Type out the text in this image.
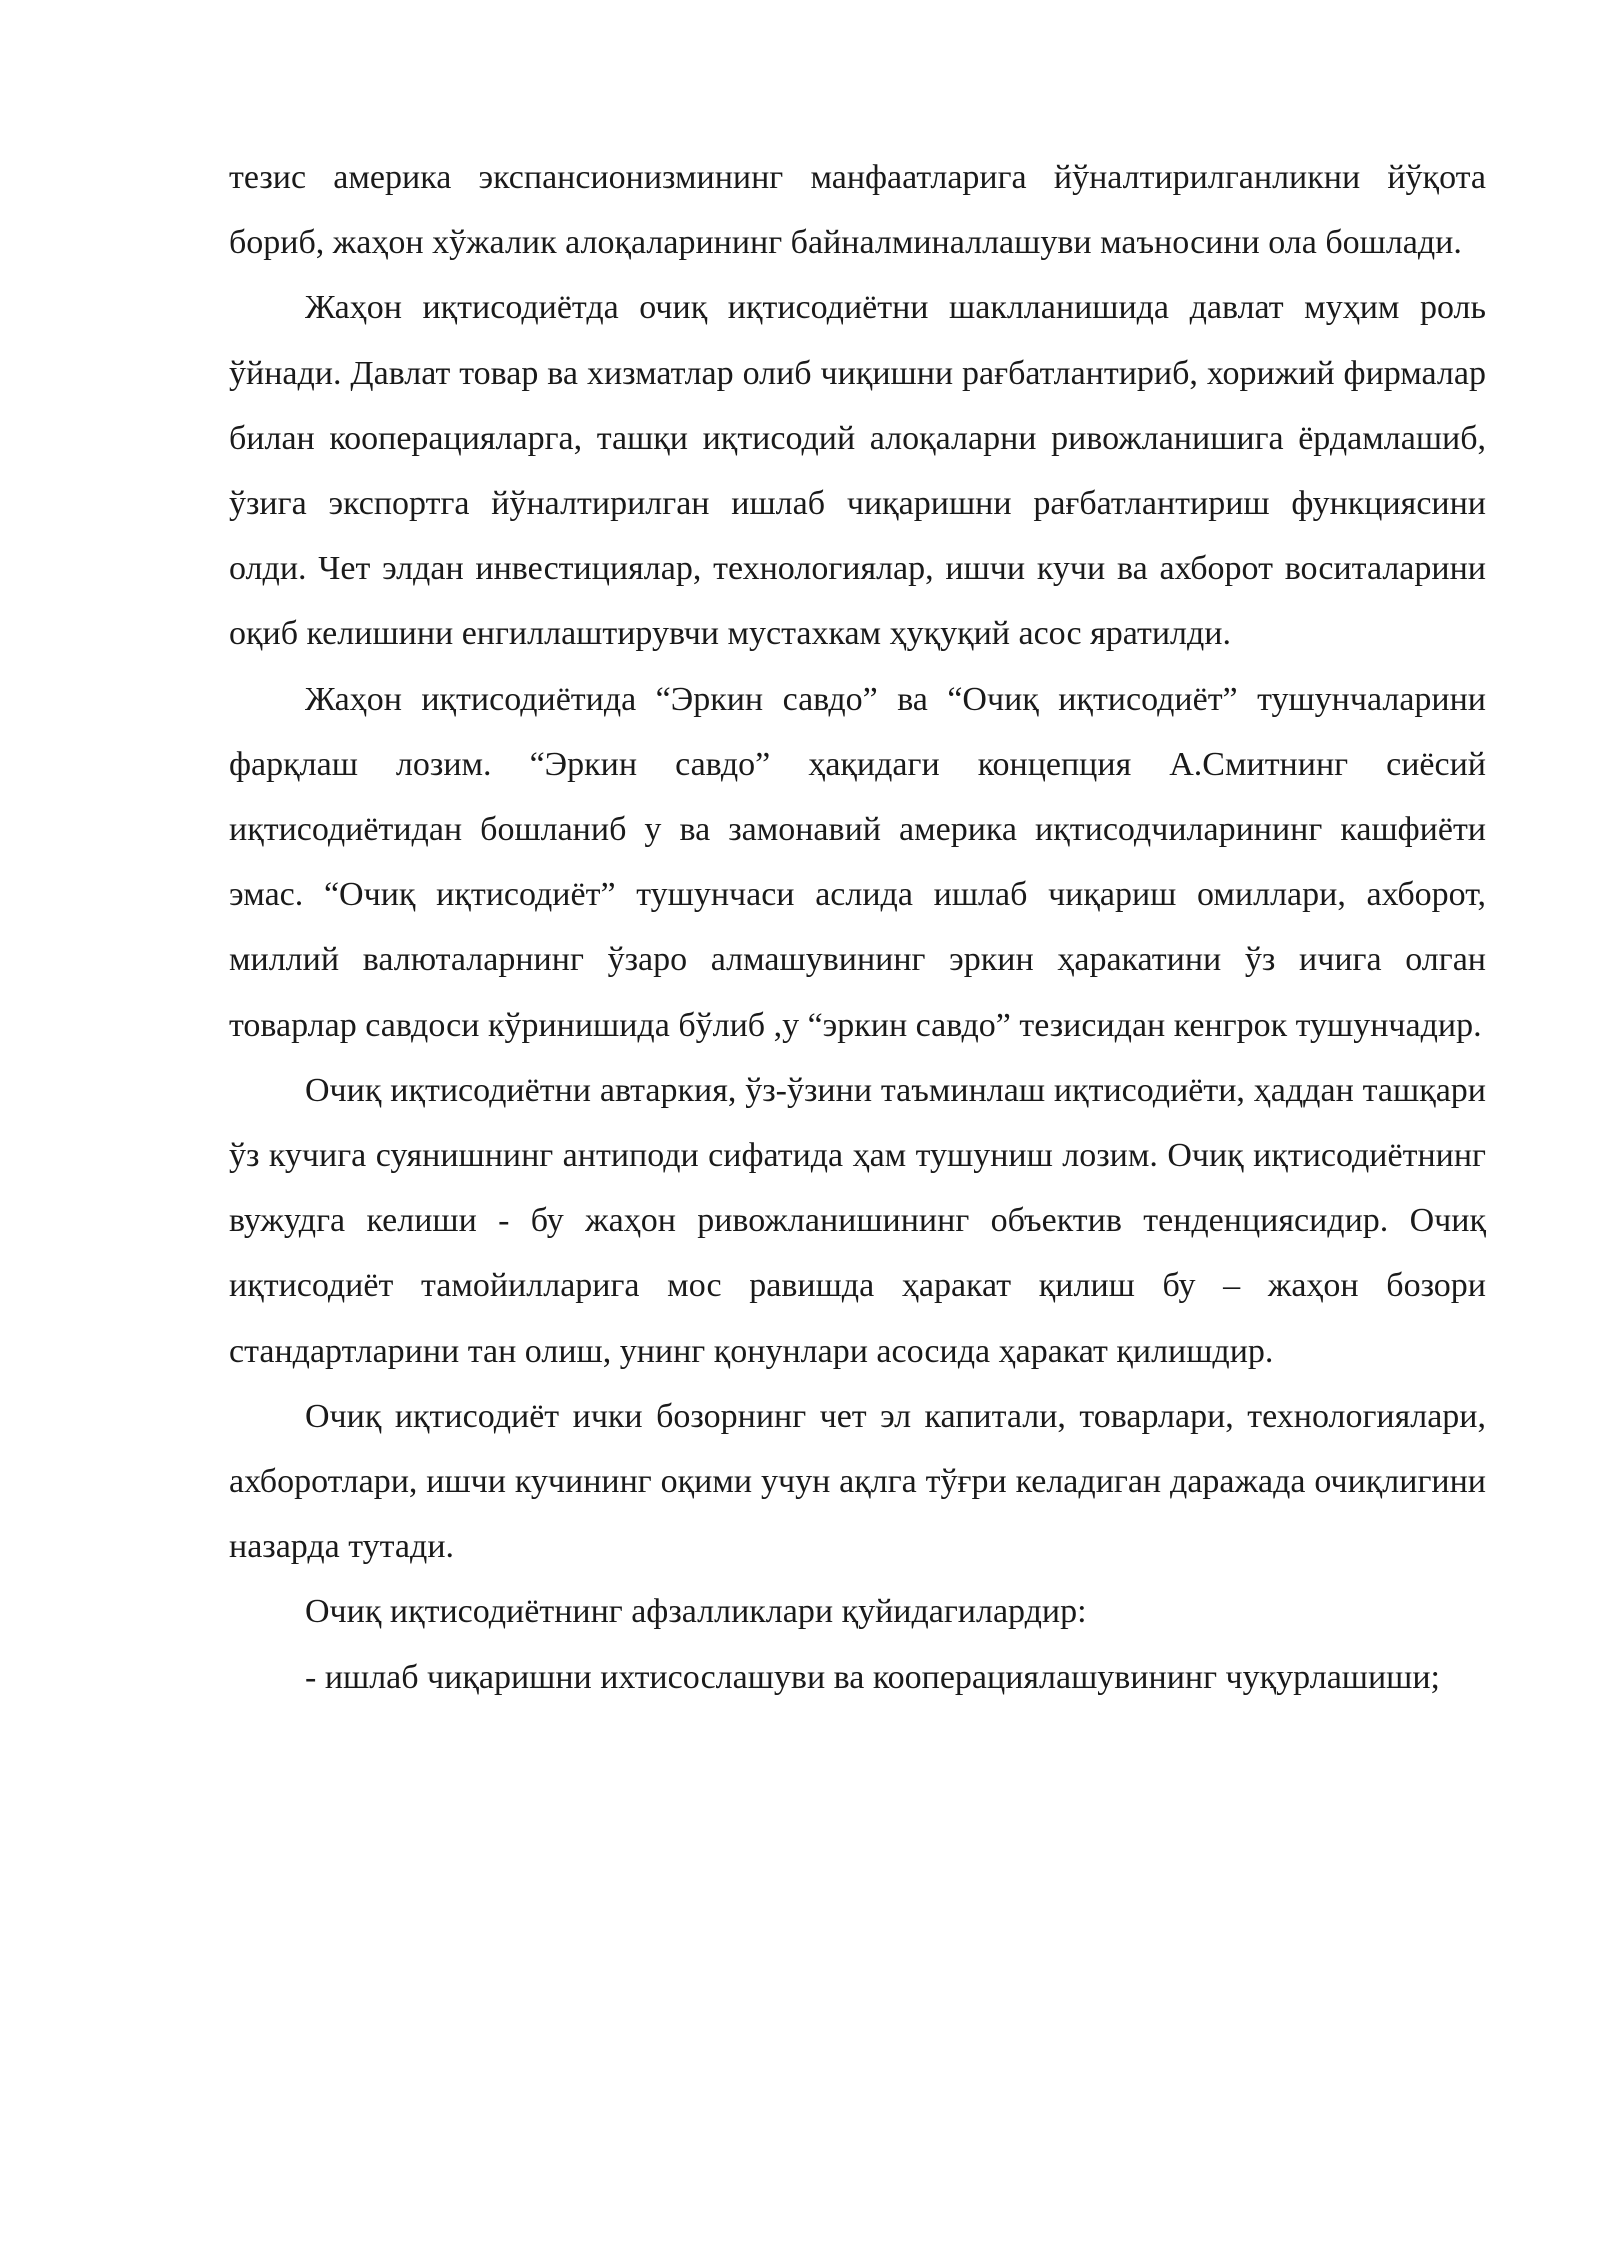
тезис америка экспансионизмининг манфаатларига йўналтирилганликни йўқота бориб, жаҳон хўжалик алоқаларининг байналминаллашуви маъносини ола бошлади.

Жаҳон иқтисодиётда очиқ иқтисодиётни шаклланишида давлат муҳим роль ўйнади. Давлат товар ва хизматлар олиб чиқишни рағбатлантириб, хорижий фирмалар билан кооперацияларга, ташқи иқтисодий алоқаларни ривожланишига ёрдамлашиб, ўзига экспортга йўналтирилган ишлаб чиқаришни рағбатлантириш функциясини олди. Чет элдан инвестициялар, технологиялар, ишчи кучи ва ахборот воситаларини оқиб келишини енгиллаштирувчи мустахкам ҳуқуқий асос яратилди.

Жаҳон иқтисодиётида “Эркин савдо” ва “Очиқ иқтисодиёт” тушунчаларини фарқлаш лозим. “Эркин савдо” ҳақидаги концепция А.Смитнинг сиёсий иқтисодиётидан бошланиб у ва замонавий америка иқтисодчиларининг кашфиёти эмас. “Очиқ иқтисодиёт” тушунчаси аслида ишлаб чиқариш омиллари, ахборот, миллий валюталарнинг ўзаро алмашувининг эркин ҳаракатини ўз ичига олган товарлар савдоси кўринишида бўлиб ,у “эркин савдо” тезисидан кенгрок тушунчадир.

Очиқ иқтисодиётни автаркия, ўз-ўзини таъминлаш иқтисодиёти, ҳаддан ташқари ўз кучига суянишнинг антиподи сифатида ҳам тушуниш лозим. Очиқ иқтисодиётнинг вужудга келиши - бу жаҳон ривожланишининг объектив тенденциясидир. Очиқ иқтисодиёт тамойилларига мос равишда ҳаракат қилиш бу – жаҳон бозори стандартларини тан олиш, унинг қонунлари асосида ҳаракат қилишдир.

Очиқ иқтисодиёт ички бозорнинг чет эл капитали, товарлари, технологиялари, ахборотлари, ишчи кучининг оқими учун ақлга тўғри келадиган даражада очиқлигини назарда тутади.

Очиқ иқтисодиётнинг афзалликлари қуйидагилардир:

- ишлаб чиқаришни ихтисослашуви ва кооперациялашувининг чуқурлашиши;
